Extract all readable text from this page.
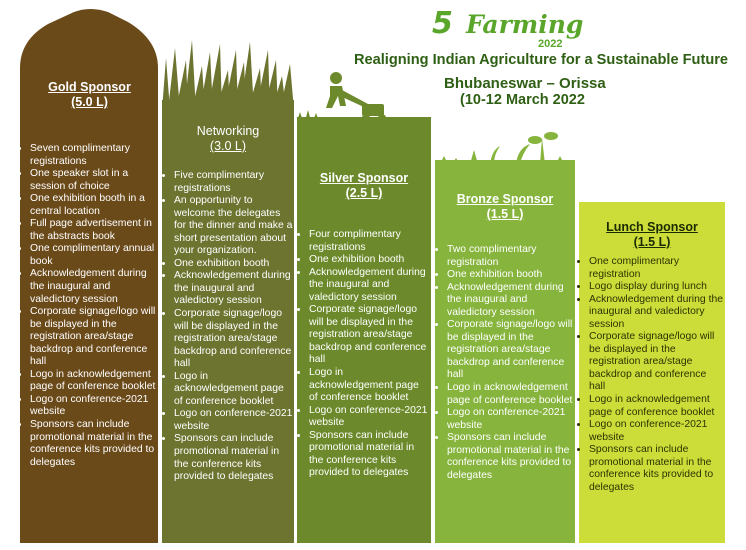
5 Farming
2022
Realigning Indian Agriculture for a Sustainable Future
Bhubaneswar – Orissa
(10-12 March 2022
Gold Sponsor
(5.0 L)
• Seven complimentary registrations
• One speaker slot in a session of choice
• One exhibition booth in a central location
• Full page advertisement in the abstracts book
• One complimentary annual book
• Acknowledgement during the inaugural and valedictory session
• Corporate signage/logo will be displayed in the registration area/stage backdrop and conference hall
• Logo in acknowledgement page of conference booklet
• Logo on conference-2021 website
• Sponsors can include promotional material in the conference kits provided to delegates
Networking
(3.0 L)
• Five complimentary registrations
• An opportunity to welcome the delegates for the dinner and make a short presentation about your organization.
• One exhibition booth
• Acknowledgement during the inaugural and valedictory session
• Corporate signage/logo will be displayed in the registration area/stage backdrop and conference hall
• Logo in acknowledgement page of conference booklet
• Logo on conference-2021 website
• Sponsors can include promotional material in the conference kits provided to delegates
Silver Sponsor
(2.5 L)
• Four complimentary registrations
• One exhibition booth
• Acknowledgement during the inaugural and valedictory session
• Corporate signage/logo will be displayed in the registration area/stage backdrop and conference hall
• Logo in acknowledgement page of conference booklet
• Logo on conference-2021 website
• Sponsors can include promotional material in the conference kits provided to delegates
Bronze Sponsor
(1.5 L)
• Two complimentary registration
• One exhibition booth
• Acknowledgement during the inaugural and valedictory session
• Corporate signage/logo will be displayed in the registration area/stage backdrop and conference hall
• Logo in acknowledgement page of conference booklet
• Logo on conference-2021 website
• Sponsors can include promotional material in the conference kits provided to delegates
Lunch Sponsor
(1.5 L)
• One complimentary registration
• Logo display during lunch
• Acknowledgement during the inaugural and valedictory session
• Corporate signage/logo will be displayed in the registration area/stage backdrop and conference hall
• Logo in acknowledgement page of conference booklet
• Logo on conference-2021 website
• Sponsors can include promotional material in the conference kits provided to delegates
